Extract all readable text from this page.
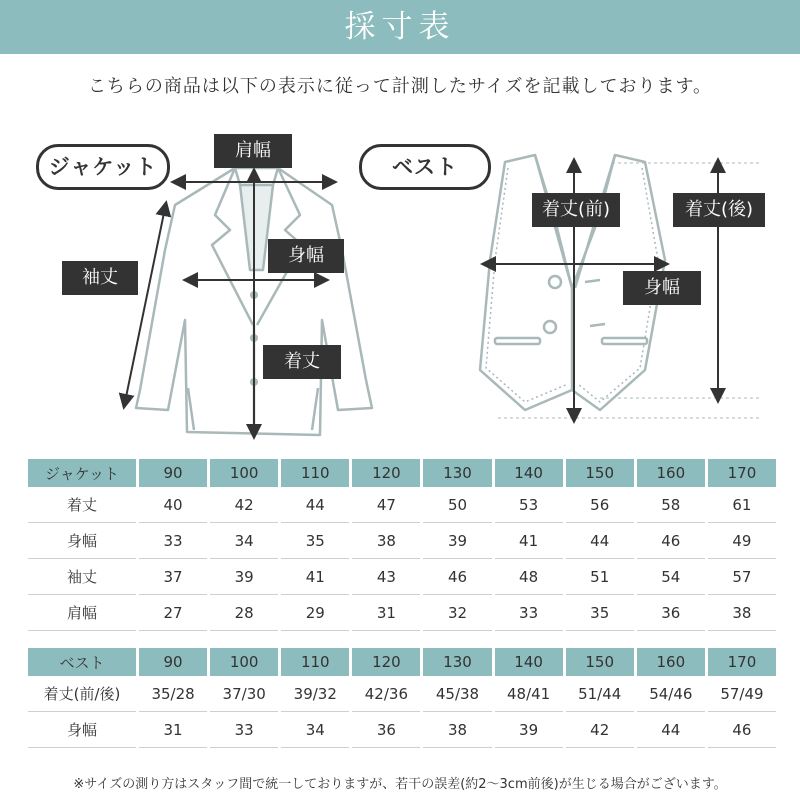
採寸表
こちらの商品は以下の表示に従って計測したサイズを記載しております。
ジャケット	ベスト
肩幅
身幅
袖丈
着丈
着丈(前)	着丈(後)
身幅
ジャケット	90	100	110	120	130	140	150	160	170
着丈	40	42	44	47	50	53	56	58	61
身幅	33	34	35	38	39	41	44	46	49
袖丈	37	39	41	43	46	48	51	54	57
肩幅	27	28	29	31	32	33	35	36	38
ベスト	90	100	110	120	130	140	150	160	170
着丈(前/後)	35/28	37/30	39/32	42/36	45/38	48/41	51/44	54/46	57/49
身幅	31	33	34	36	38	39	42	44	46
※サイズの測り方はスタッフ間で統一しておりますが、若干の誤差(約2〜3cm前後)が生じる場合がございます。
